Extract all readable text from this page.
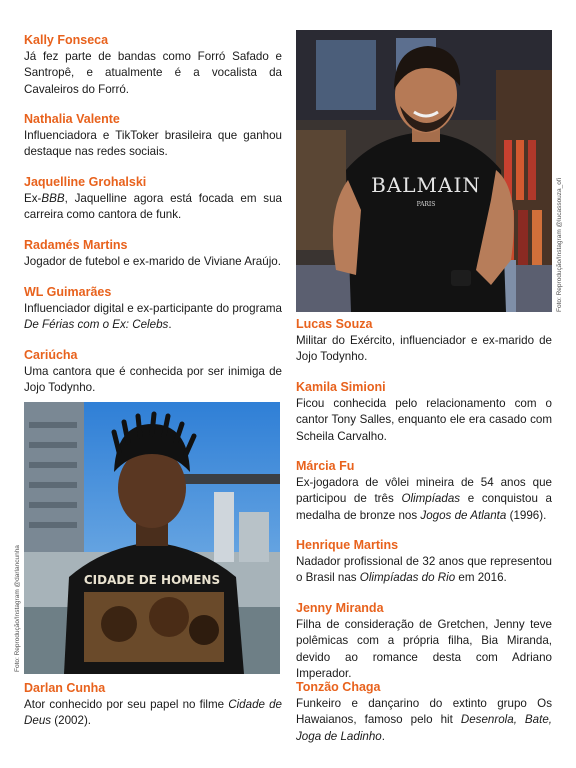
Kally Fonseca
Já fez parte de bandas como Forró Safado e Santropê, e atualmente é a vocalista da Cavaleiros do Forró.
Nathalia Valente
Influenciadora e TikToker brasileira que ganhou destaque nas redes sociais.
Jaquelline Grohalski
Ex-BBB, Jaquelline agora está focada em sua carreira como cantora de funk.
Radamés Martins
Jogador de futebol e ex-marido de Viviane Araújo.
WL Guimarães
Influenciador digital e ex-participante do programa De Férias com o Ex: Celebs.
Cariúcha
Uma cantora que é conhecida por ser inimiga de Jojo Todynho.
Darlan Cunha
Ator conhecido por seu papel no filme Cidade de Deus (2002).
CIDADE DE HOMENS
Foto: Reprodução/Instagram @darlancunha
BALMAIN
PARIS	Foto: Reprodução/Instagram @lucassouza_ofi
Lucas Souza
Militar do Exército, influenciador e ex-marido de Jojo Todynho.
Kamila Simioni
Ficou conhecida pelo relacionamento com o cantor Tony Salles, enquanto ele era casado com Scheila Carvalho.
Márcia Fu
Ex-jogadora de vôlei mineira de 54 anos que participou de três Olimpíadas e conquistou a medalha de bronze nos Jogos de Atlanta (1996).
Henrique Martins
Nadador profissional de 32 anos que representou o Brasil nas Olimpíadas do Rio em 2016.
Jenny Miranda
Filha de consideração de Gretchen, Jenny teve polêmicas com a própria filha, Bia Miranda, devido ao romance desta com Adriano Imperador.
Tonzão Chaga
Funkeiro e dançarino do extinto grupo Os Hawaianos, famoso pelo hit Desenrola, Bate, Joga de Ladinho.
